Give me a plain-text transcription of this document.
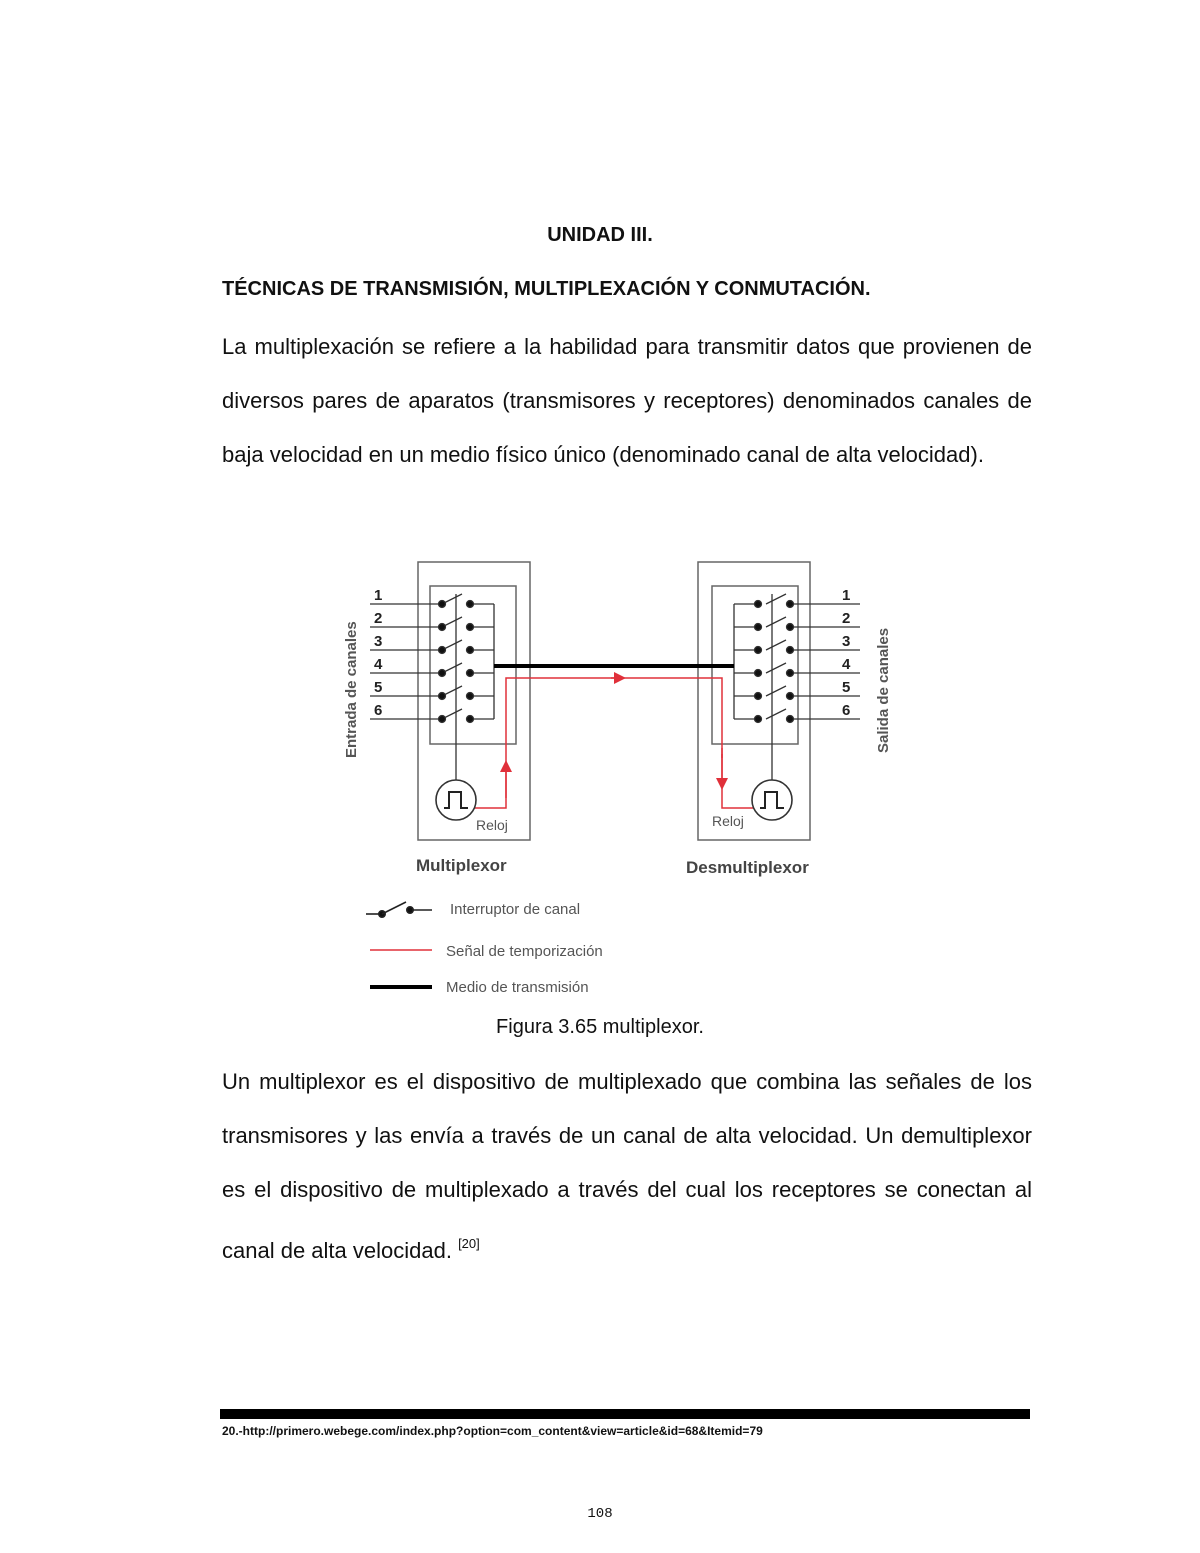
UNIDAD III.
TÉCNICAS DE TRANSMISIÓN, MULTIPLEXACIÓN Y CONMUTACIÓN.
La multiplexación se refiere a la habilidad para transmitir datos que provienen de diversos pares de aparatos (transmisores y receptores) denominados canales de baja velocidad en un medio físico único (denominado canal de alta velocidad).
Entrada de canales	Salida de canales
1
2
3
4
5
6
1
2
3
4
5
6
Reloj	Reloj
Multiplexor	Desmultiplexor
Interruptor de canal
Señal de temporización
Medio de transmisión
Figura 3.65 multiplexor.
Un multiplexor es el dispositivo de multiplexado que combina las señales de los transmisores y las envía a través de un canal de alta velocidad. Un demultiplexor es el dispositivo de multiplexado a través del cual los receptores se conectan al canal de alta velocidad. [20]
20.-http://primero.webege.com/index.php?option=com_content&view=article&id=68&Itemid=79
108
